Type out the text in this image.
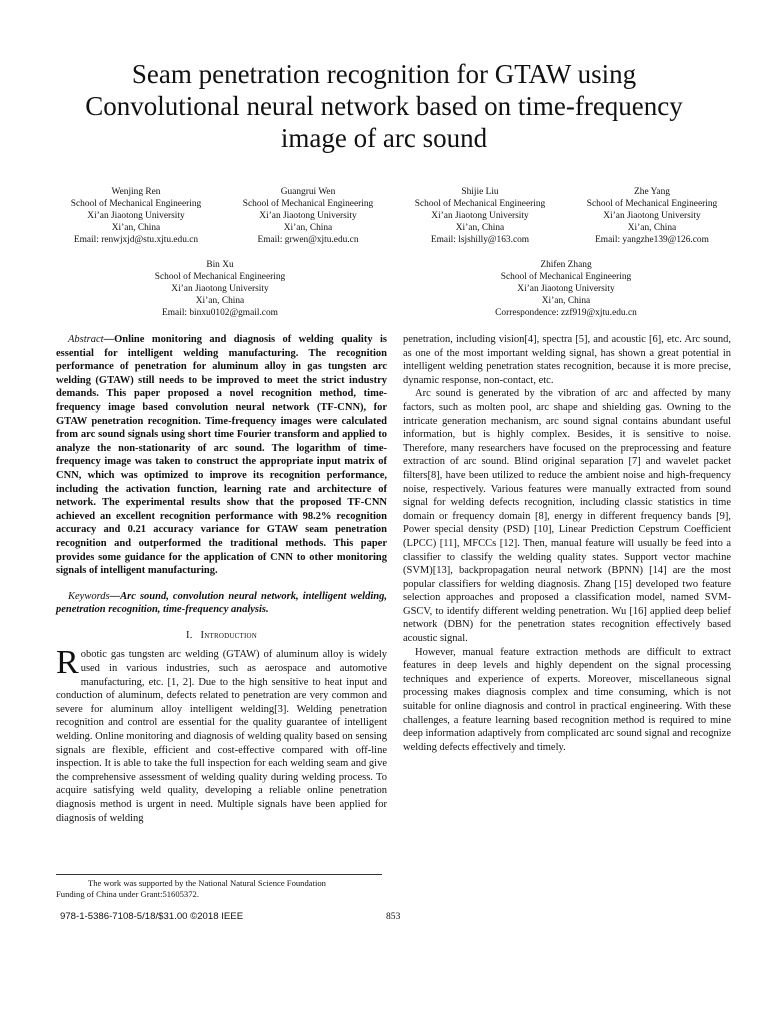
Seam penetration recognition for GTAW using Convolutional neural network based on time-frequency image of arc sound
Wenjing Ren
School of Mechanical Engineering
Xi’an Jiaotong University
Xi’an, China
Email: renwjxjd@stu.xjtu.edu.cn
Guangrui Wen
School of Mechanical Engineering
Xi’an Jiaotong University
Xi’an, China
Email: grwen@xjtu.edu.cn
Shijie Liu
School of Mechanical Engineering
Xi’an Jiaotong University
Xi’an, China
Email: lsjshilly@163.com
Zhe Yang
School of Mechanical Engineering
Xi’an Jiaotong University
Xi’an, China
Email: yangzhe139@126.com
Bin Xu
School of Mechanical Engineering
Xi’an Jiaotong University
Xi’an, China
Email: binxu0102@gmail.com
Zhifen Zhang
School of Mechanical Engineering
Xi’an Jiaotong University
Xi’an, China
Correspondence: zzf919@xjtu.edu.cn

Abstract—Online monitoring and diagnosis of welding quality is essential for intelligent welding manufacturing. The recognition performance of penetration for aluminum alloy in gas tungsten arc welding (GTAW) still needs to be improved to meet the strict industry demands. This paper proposed a novel recognition method, time-frequency image based convolution neural network (TF-CNN), for GTAW penetration recognition. Time-frequency images were calculated from arc sound signals using short time Fourier transform and applied to analyze the non-stationarity of arc sound. The logarithm of time-frequency image was taken to construct the appropriate input matrix of CNN, which was optimized to improve its recognition performance, including the activation function, learning rate and architecture of network. The experimental results show that the proposed TF-CNN achieved an excellent recognition performance with 98.2% recognition accuracy and 0.21 accuracy variance for GTAW seam penetration recognition and outperformed the traditional methods. This paper provides some guidance for the application of CNN to other monitoring signals of intelligent manufacturing.

Keywords—Arc sound, convolution neural network, intelligent welding, penetration recognition, time-frequency analysis.

I. Introduction

Robotic gas tungsten arc welding (GTAW) of aluminum alloy is widely used in various industries, such as aerospace and automotive manufacturing, etc. [1, 2]. Due to the high sensitive to heat input and conduction of aluminum, defects related to penetration are very common and severe for aluminum alloy intelligent welding[3]. Welding penetration recognition and control are essential for the quality guarantee of intelligent welding. Online monitoring and diagnosis of welding quality based on sensing signals are flexible, efficient and cost-effective compared with off-line inspection. It is able to take the full inspection for each welding seam and give the comprehensive assessment of welding quality during welding process. To acquire satisfying weld quality, developing a reliable online penetration diagnosis method is urgent in need. Multiple signals have been applied for diagnosis of welding

penetration, including vision[4], spectra [5], and acoustic [6], etc. Arc sound, as one of the most important welding signal, has shown a great potential in intelligent welding penetration states recognition, because it is more precise, dynamic response, non-contact, etc.

Arc sound is generated by the vibration of arc and affected by many factors, such as molten pool, arc shape and shielding gas. Owning to the intricate generation mechanism, arc sound signal contains abundant useful information, but is highly complex. Besides, it is sensitive to noise. Therefore, many researchers have focused on the preprocessing and feature extraction of arc sound. Blind original separation [7] and wavelet packet filters[8], have been utilized to reduce the ambient noise and high-frequency noise, respectively. Various features were manually extracted from sound signal for welding defects recognition, including classic statistics in time domain or frequency domain [8], energy in different frequency bands [9], Power special density (PSD) [10], Linear Prediction Cepstrum Coefficient (LPCC) [11], MFCCs [12]. Then, manual feature will usually be feed into a classifier to classify the welding quality states. Support vector machine (SVM)[13], backpropagation neural network (BPNN) [14] are the most popular classifiers for welding diagnosis. Zhang [15] developed two feature selection approaches and proposed a classification model, named SVM-GSCV, to identify different welding penetration. Wu [16] applied deep belief network (DBN) for the penetration states recognition effectively based acoustic signal.

However, manual feature extraction methods are difficult to extract features in deep levels and highly dependent on the signal processing techniques and experience of experts. Moreover, miscellaneous signal processing makes diagnosis complex and time consuming, which is not suitable for online diagnosis and control in practical engineering. With these challenges, a feature learning based recognition method is required to mine deep information adaptively from complicated arc sound signal and recognize welding defects effectively and timely.

The work was supported by the National Natural Science Foundation

Funding of China under Grant:51605372.

978-1-5386-7108-5/18/$31.00 ©2018 IEEE	853
